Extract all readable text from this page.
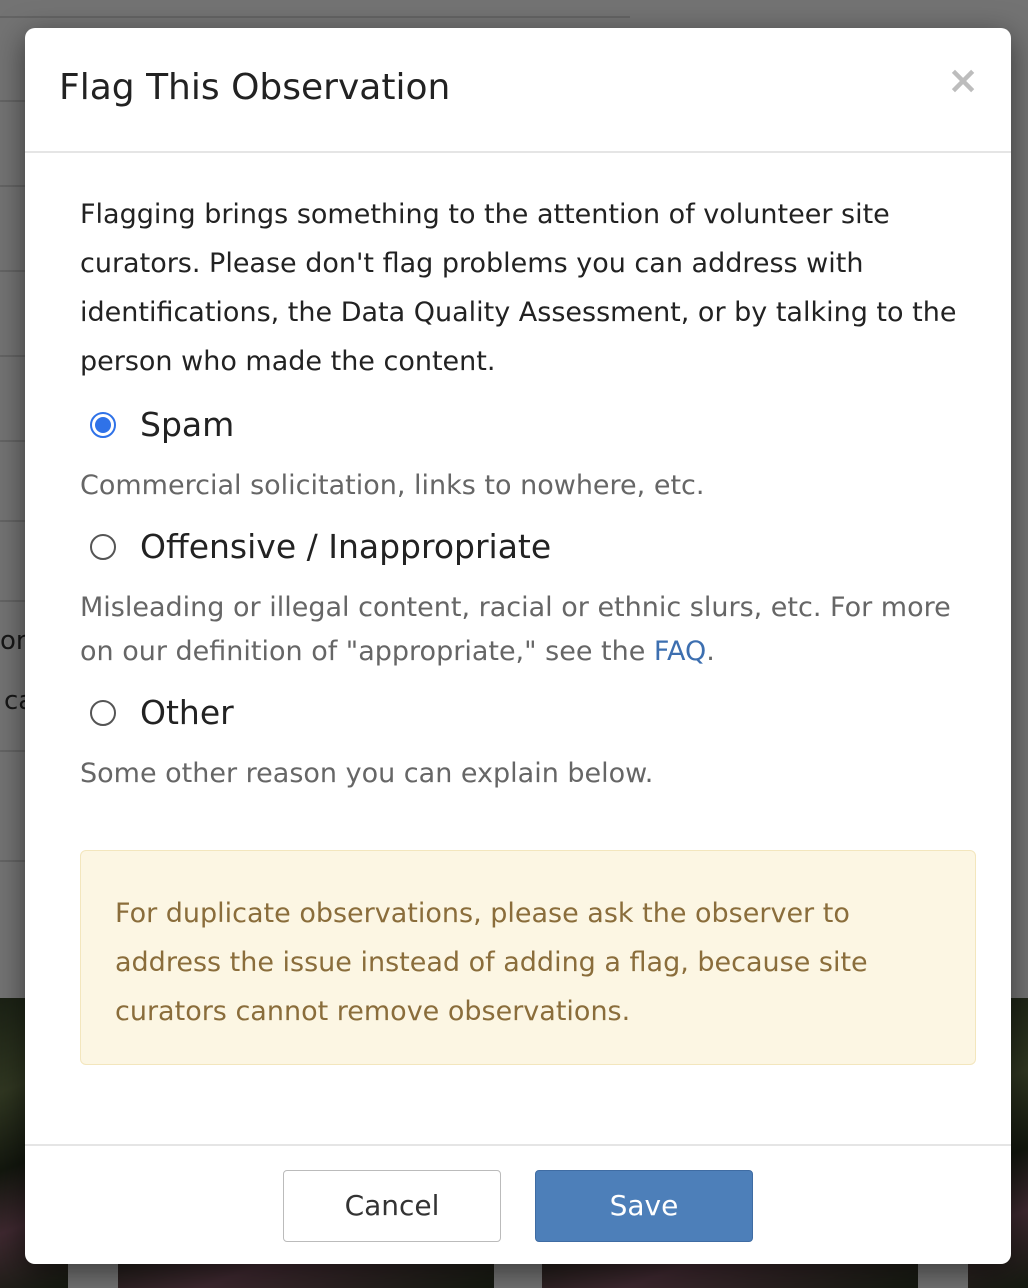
Flag This Observation	×

Flagging brings something to the attention of volunteer site curators. Please don't flag problems you can address with identifications, the Data Quality Assessment, or by talking to the person who made the content.

Spam

Commercial solicitation, links to nowhere, etc.

Offensive / Inappropriate

Misleading or illegal content, racial or ethnic slurs, etc. For more on our definition of "appropriate," see the FAQ.

Other

Some other reason you can explain below.

For duplicate observations, please ask the observer to address the issue instead of adding a flag, because site curators cannot remove observations.

Cancel	Save
